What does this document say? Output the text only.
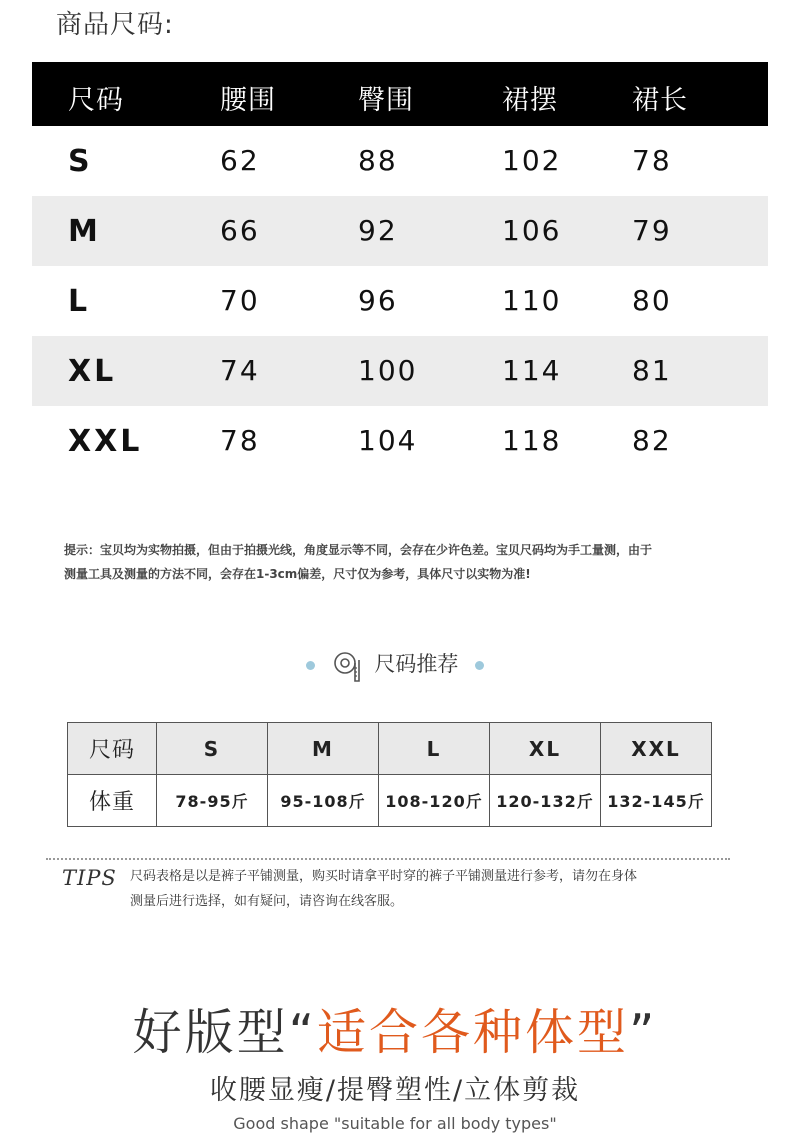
商品尺码:
尺码	腰围	臀围	裙摆	裙长
S	62	88	102	78
M	66	92	106	79
L	70	96	110	80
XL	74	100	114	81
XXL	78	104	118	82
提示：宝贝均为实物拍摄，但由于拍摄光线，角度显示等不同，会存在少许色差。宝贝尺码均为手工量测，由于
测量工具及测量的方法不同，会存在1-3cm偏差，尺寸仅为参考，具体尺寸以实物为准!
尺码推荐
尺码	S	M	L	XL	XXL
体重	78-95斤	95-108斤	108-120斤	120-132斤	132-145斤
TIPS 尺码表格是以是裤子平铺测量，购买时请拿平时穿的裤子平铺测量进行参考，请勿在身体
测量后进行选择，如有疑问，请咨询在线客服。
好版型“适合各种体型”
收腰显瘦/提臀塑性/立体剪裁
Good shape "suitable for all body types"
